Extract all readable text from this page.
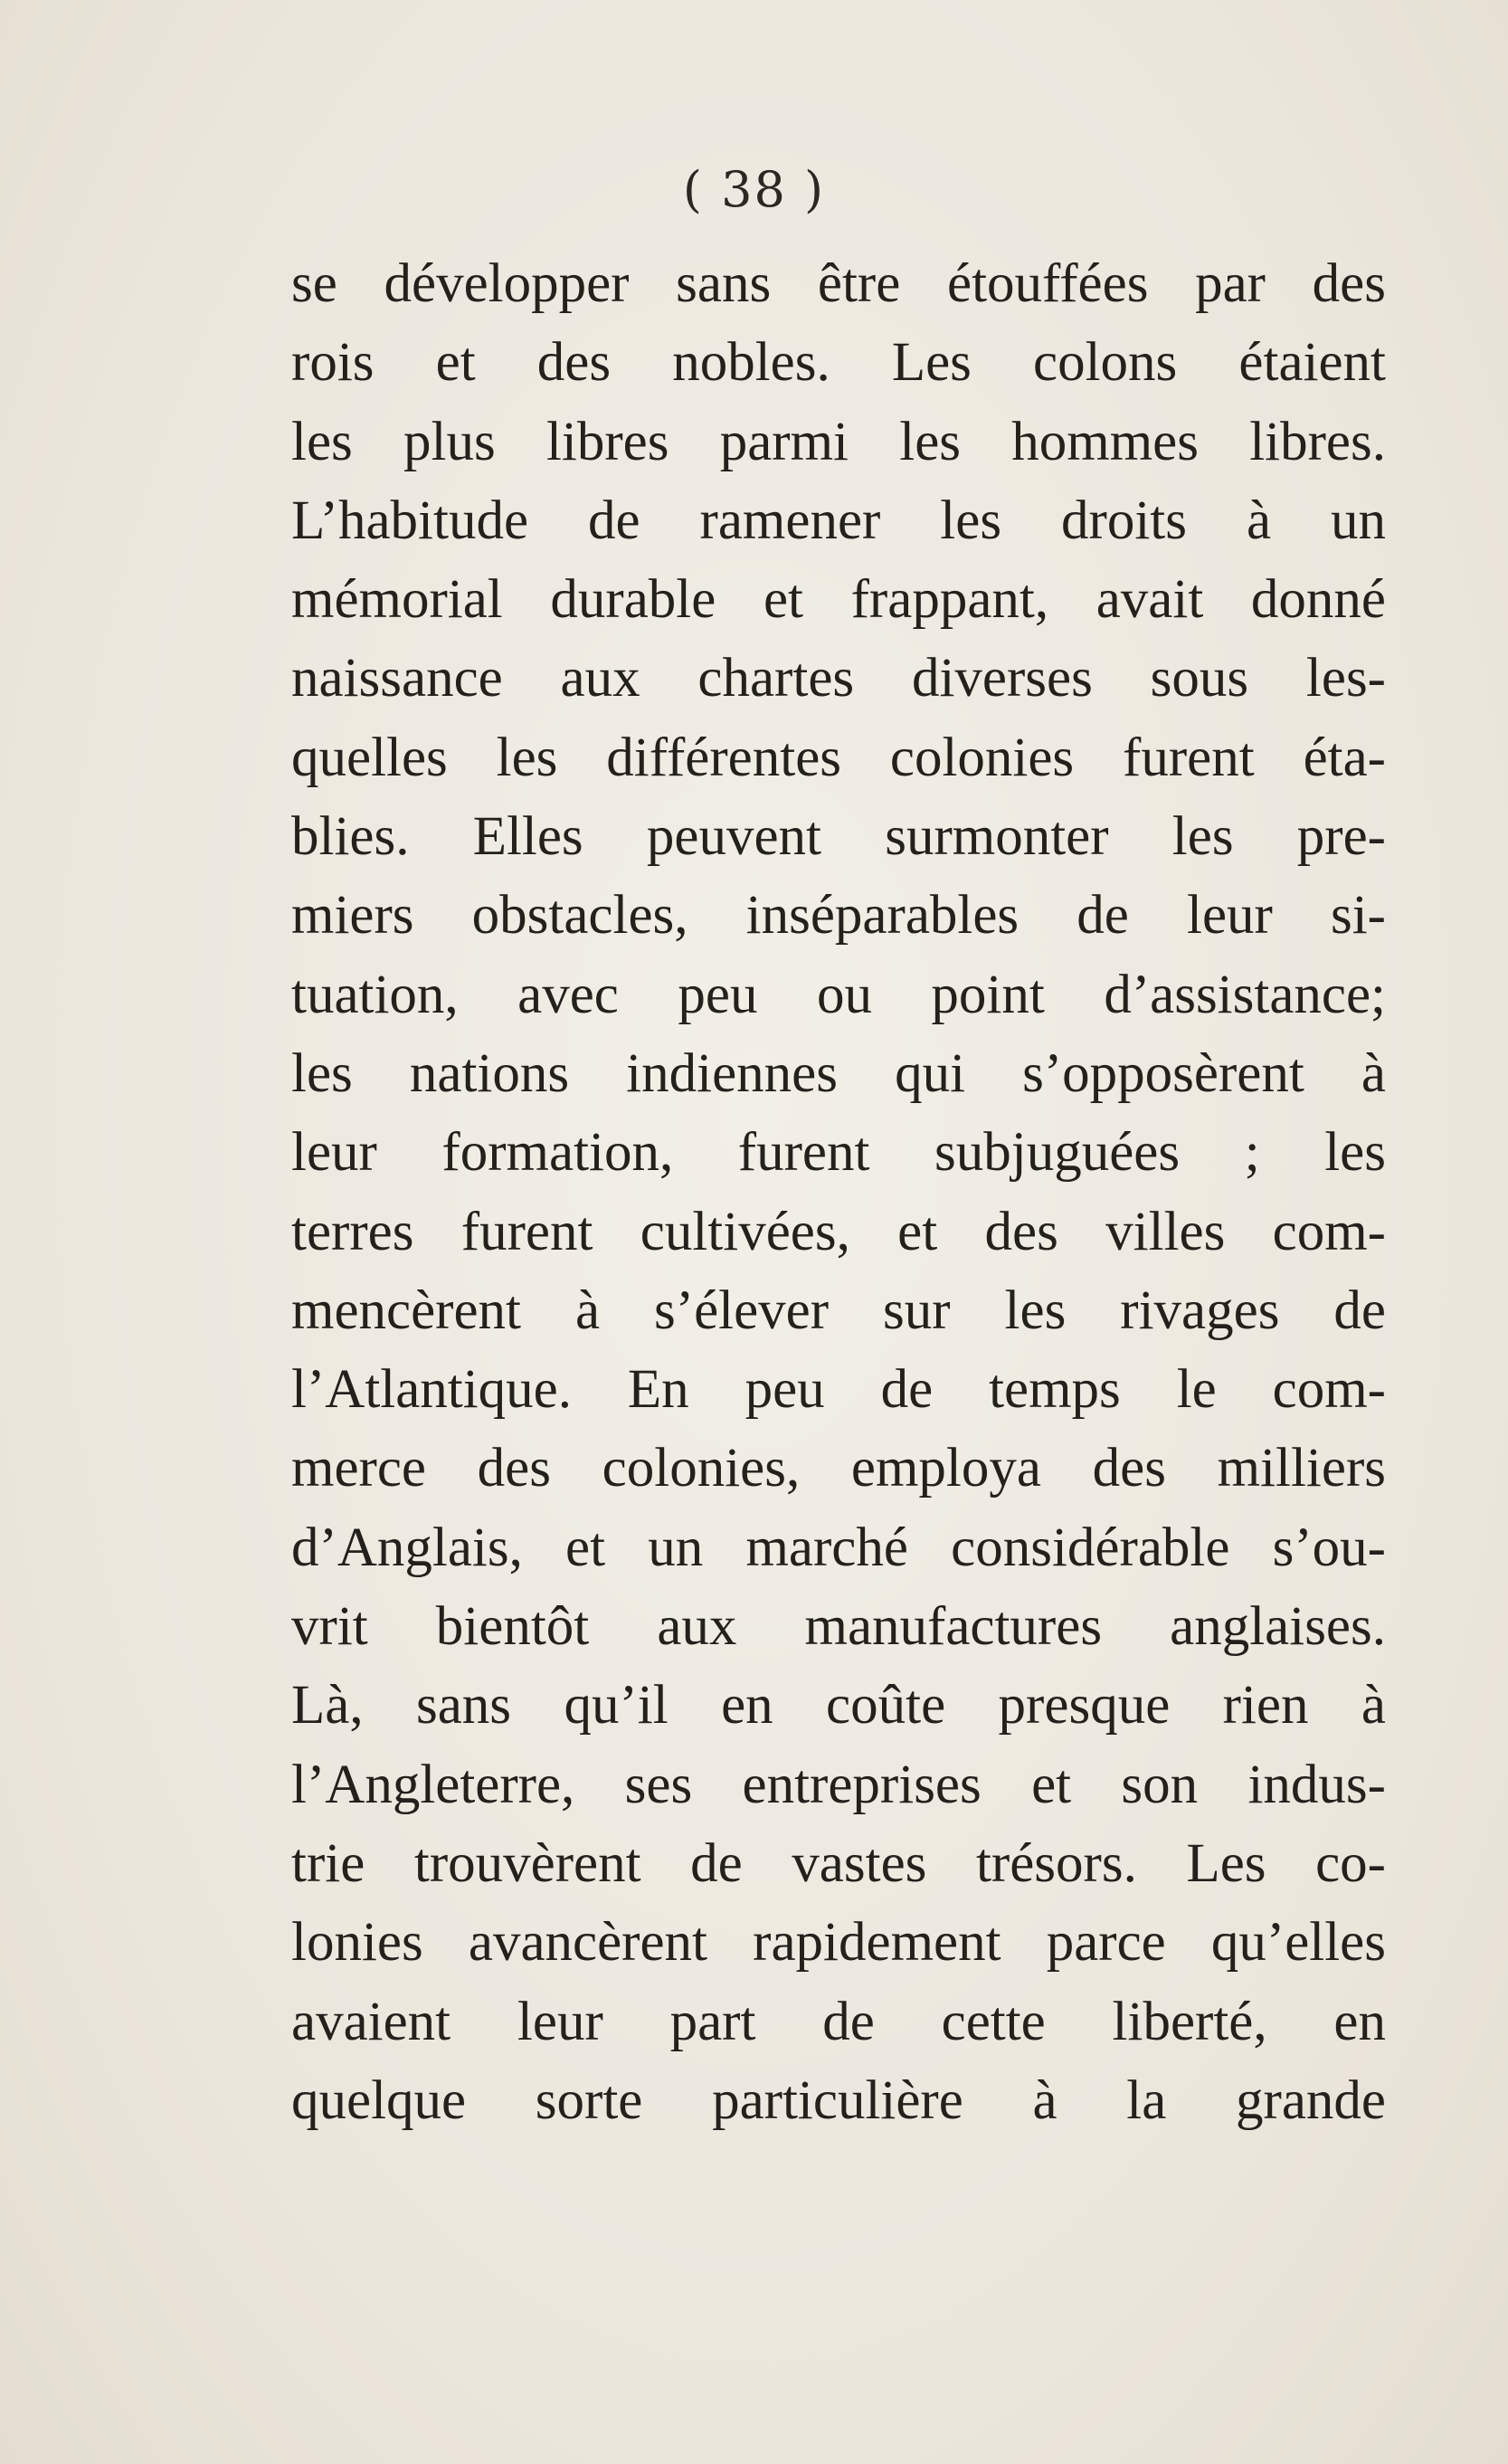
( 38 )
se développer sans être étouffées par des
rois et des nobles. Les colons étaient
les plus libres parmi les hommes libres.
L’habitude de ramener les droits à un
mémorial durable et frappant, avait donné
naissance aux chartes diverses sous les-
quelles les différentes colonies furent éta-
blies. Elles peuvent surmonter les pre-
miers obstacles, inséparables de leur si-
tuation, avec peu ou point d’assistance;
les nations indiennes qui s’opposèrent à
leur formation, furent subjuguées ; les
terres furent cultivées, et des villes com-
mencèrent à s’élever sur les rivages de
l’Atlantique. En peu de temps le com-
merce des colonies, employa des milliers
d’Anglais, et un marché considérable s’ou-
vrit bientôt aux manufactures anglaises.
Là, sans qu’il en coûte presque rien à
l’Angleterre, ses entreprises et son indus-
trie trouvèrent de vastes trésors. Les co-
lonies avancèrent rapidement parce qu’elles
avaient leur part de cette liberté, en
quelque sorte particulière à la grande
